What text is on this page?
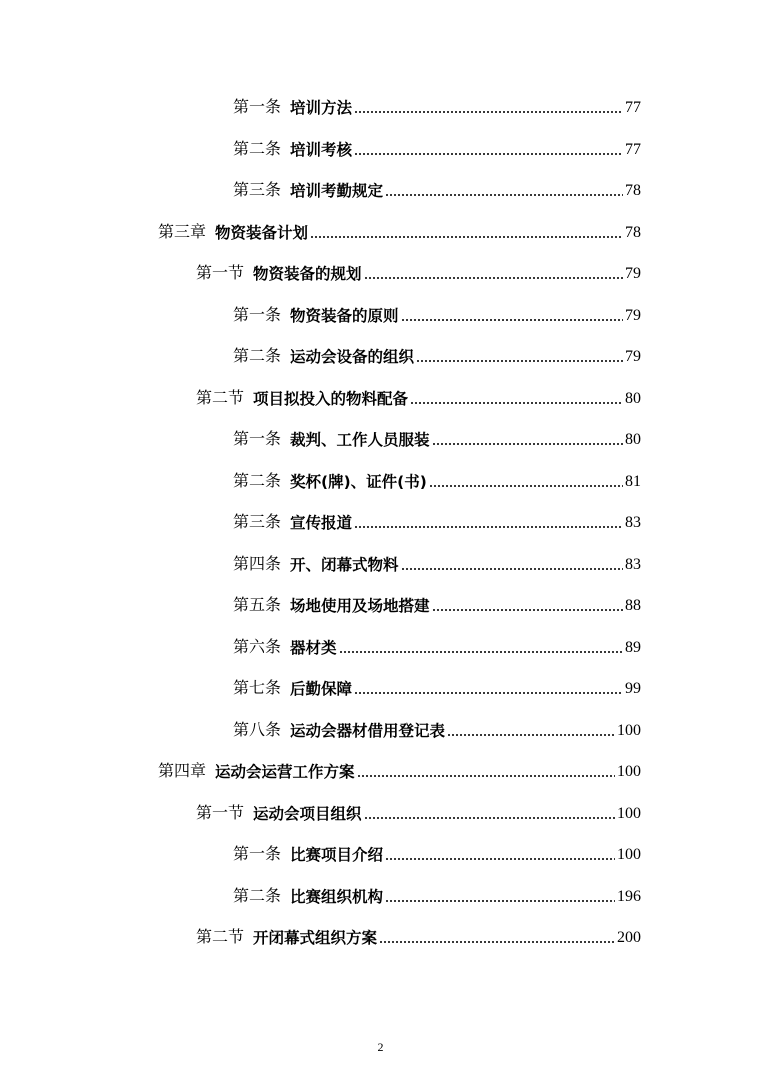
第一条 培训方法	77
第二条 培训考核	77
第三条 培训考勤规定	78
第三章 物资装备计划	78
第一节 物资装备的规划	79
第一条 物资装备的原则	79
第二条 运动会设备的组织	79
第二节 项目拟投入的物料配备	80
第一条 裁判、工作人员服装	80
第二条 奖杯(牌)、证件(书)	81
第三条 宣传报道	83
第四条 开、闭幕式物料	83
第五条 场地使用及场地搭建	88
第六条 器材类	89
第七条 后勤保障	99
第八条 运动会器材借用登记表	100
第四章 运动会运营工作方案	100
第一节 运动会项目组织	100
第一条 比赛项目介绍	100
第二条 比赛组织机构	196
第二节 开闭幕式组织方案	200
2
